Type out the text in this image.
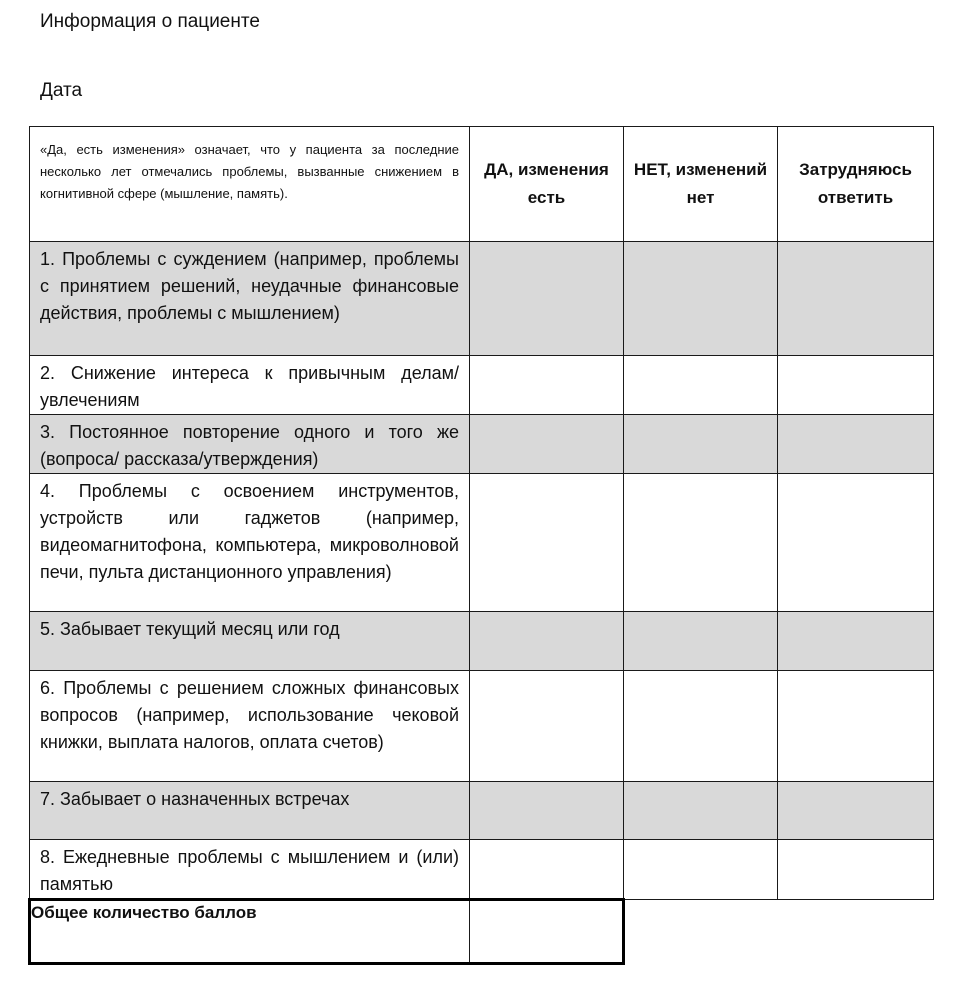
Информация о пациенте
Дата
«Да, есть изменения» означает, что у пациента за последние несколько лет отмечались проблемы, вызванные снижением в когнитивной сфере (мышление, память).	ДА, изменения есть	НЕТ, изменений нет	Затрудняюсь ответить

1. Проблемы с суждением (например, проблемы с принятием решений, неудачные финансовые действия, проблемы с мышлением)			

2. Снижение интереса к привычным делам/увлечениям			

3. Постоянное повторение одного и того же (вопроса/ рассказа/утверждения)			

4. Проблемы с освоением инструментов, устройств или гаджетов (например, видеомагнитофона, компьютера, микроволновой печи, пульта дистанционного управления)			

5. Забывает текущий месяц или год			

6. Проблемы с решением сложных финансовых вопросов (например, использование чековой книжки, выплата налогов, оплата счетов)			

7. Забывает о назначенных встречах			

8. Ежедневные проблемы с мышлением и (или) памятью			

Общее количество баллов			
